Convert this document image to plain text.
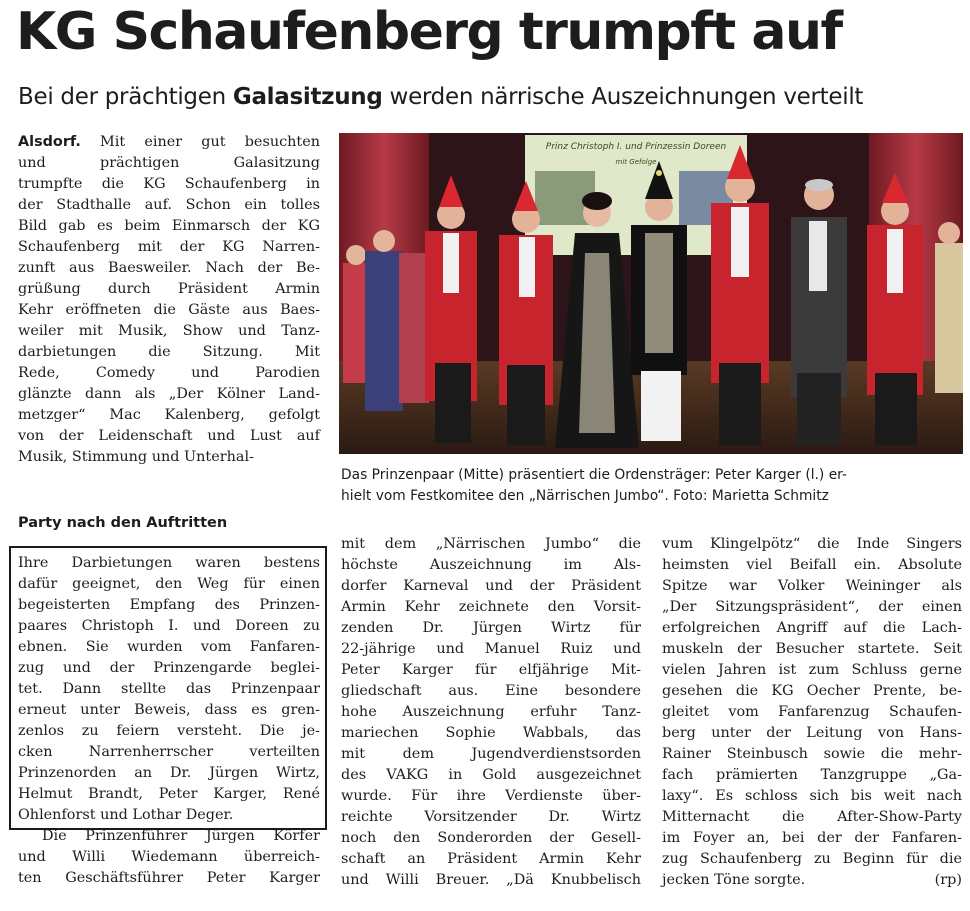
KG Schaufenberg trumpft auf
Bei der prächtigen Galasitzung werden närrische Auszeichnungen verteilt
Alsdorf. Mit einer gut besuchten
und prächtigen Galasitzung
trumpfte die KG Schaufenberg in
der Stadthalle auf. Schon ein tolles
Bild gab es beim Einmarsch der KG
Schaufenberg mit der KG Narren-
zunft aus Baesweiler. Nach der Be-
grüßung durch Präsident Armin
Kehr eröffneten die Gäste aus Baes-
weiler mit Musik, Show und Tanz-
darbietungen die Sitzung. Mit
Rede, Comedy und Parodien
glänzte dann als „Der Kölner Land-
metzger“ Mac Kalenberg, gefolgt
von der Leidenschaft und Lust auf
Musik, Stimmung und Unterhal-
Party nach den Auftritten
Ihre Darbietungen waren bestens
dafür geeignet, den Weg für einen
begeisterten Empfang des Prinzen-
paares Christoph I. und Doreen zu
ebnen. Sie wurden vom Fanfaren-
zug und der Prinzengarde beglei-
tet. Dann stellte das Prinzenpaar
erneut unter Beweis, dass es gren-
zenlos zu feiern versteht. Die je-
cken Narrenherrscher verteilten
Prinzenorden an Dr. Jürgen Wirtz,
Helmut Brandt, Peter Karger, René
Ohlenforst und Lothar Deger.
Die Prinzenführer Jürgen Körfer
und Willi Wiedemann überreich-
ten Geschäftsführer Peter Karger
Prinz Christoph I. und Prinzessin Doreen
mit Gefolge
Das Prinzenpaar (Mitte) präsentiert die Ordensträger: Peter Karger (l.) er-
hielt vom Festkomitee den „Närrischen Jumbo“. Foto: Marietta Schmitz
mit dem „Närrischen Jumbo“ die
höchste Auszeichnung im Als-
dorfer Karneval und der Präsident
Armin Kehr zeichnete den Vorsit-
zenden Dr. Jürgen Wirtz für
22-jährige und Manuel Ruiz und
Peter Karger für elfjährige Mit-
gliedschaft aus. Eine besondere
hohe Auszeichnung erfuhr Tanz-
mariechen Sophie Wabbals, das
mit dem Jugendverdienstsorden
des VAKG in Gold ausgezeichnet
wurde. Für ihre Verdienste über-
reichte Vorsitzender Dr. Wirtz
noch den Sonderorden der Gesell-
schaft an Präsident Armin Kehr
und Willi Breuer. „Dä Knubbelisch
vum Klingelpötz“ die Inde Singers
heimsten viel Beifall ein. Absolute
Spitze war Volker Weininger als
„Der Sitzungspräsident“, der einen
erfolgreichen Angriff auf die Lach-
muskeln der Besucher startete. Seit
vielen Jahren ist zum Schluss gerne
gesehen die KG Oecher Prente, be-
gleitet vom Fanfarenzug Schaufen-
berg unter der Leitung von Hans-
Rainer Steinbusch sowie die mehr-
fach prämierten Tanzgruppe „Ga-
laxy“. Es schloss sich bis weit nach
Mitternacht die After-Show-Party
im Foyer an, bei der der Fanfaren-
zug Schaufenberg zu Beginn für die
jecken Töne sorgte.	(rp)
